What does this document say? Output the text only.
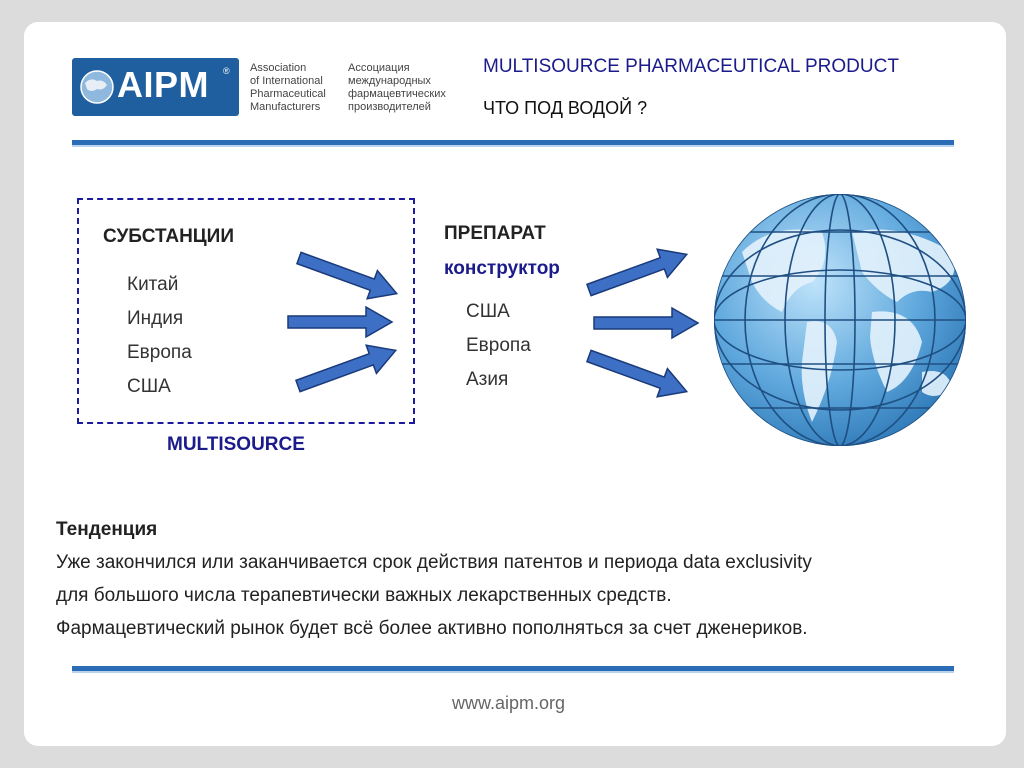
AIPM ® Association
of International
Pharmaceutical
Manufacturers
Ассоциация
международных
фармацевтических
производителей
MULTISOURCE PHARMACEUTICAL PRODUCT
ЧТО ПОД ВОДОЙ ?
СУБСТАНЦИИ
Китай
Индия
Европа
США
MULTISOURCE
ПРЕПАРАТ
конструктор
США
Европа
Азия
Тенденция
Уже закончился или заканчивается срок действия патентов и периода data exclusivity
для большого числа терапевтически важных лекарственных средств.
Фармацевтический рынок будет всё более активно пополняться за счет дженериков.
www.aipm.org
